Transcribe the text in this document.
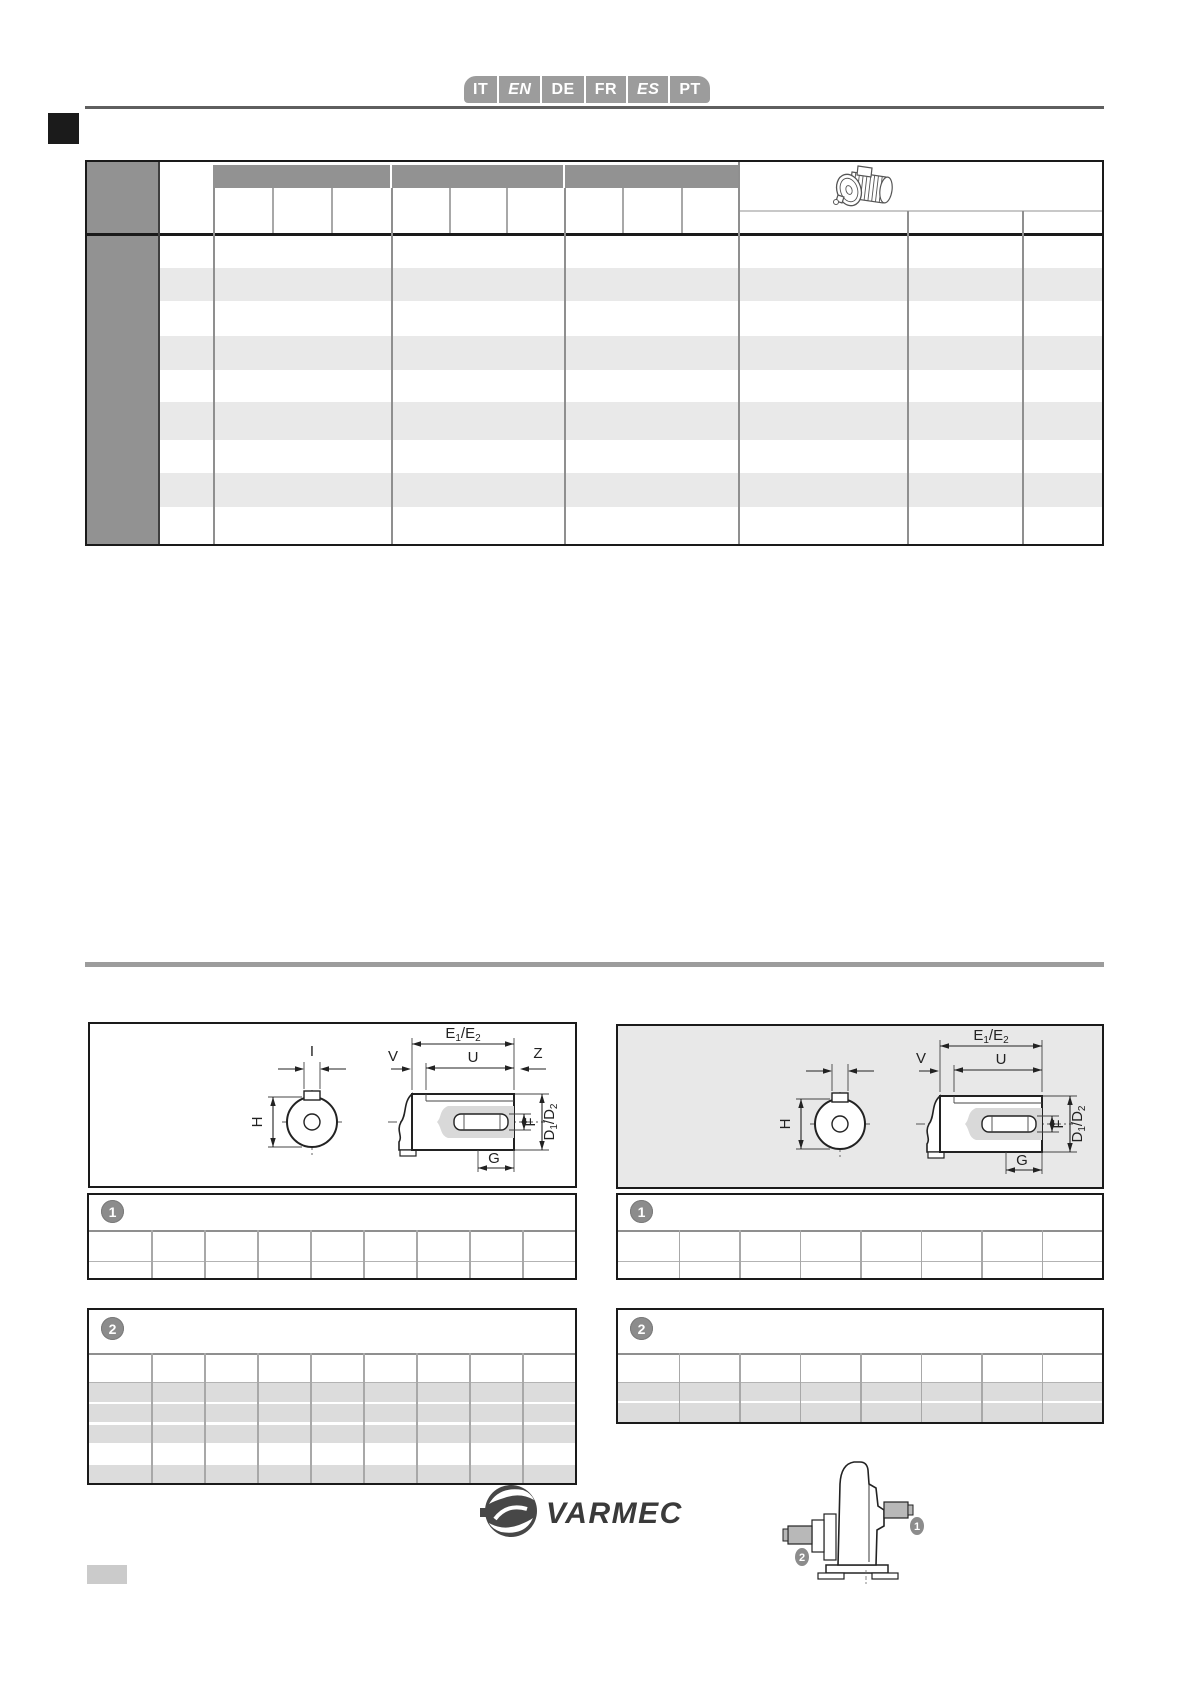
IT	EN	DE	FR	ES	PT
H
I
$E_1/E_2$
U
V	Z
F
$D_1/D_2$
G
H
$E_1/E_2$
U
V
F
$D_1/D_2$
G
1	1
2	2
1
2
VARMEC
